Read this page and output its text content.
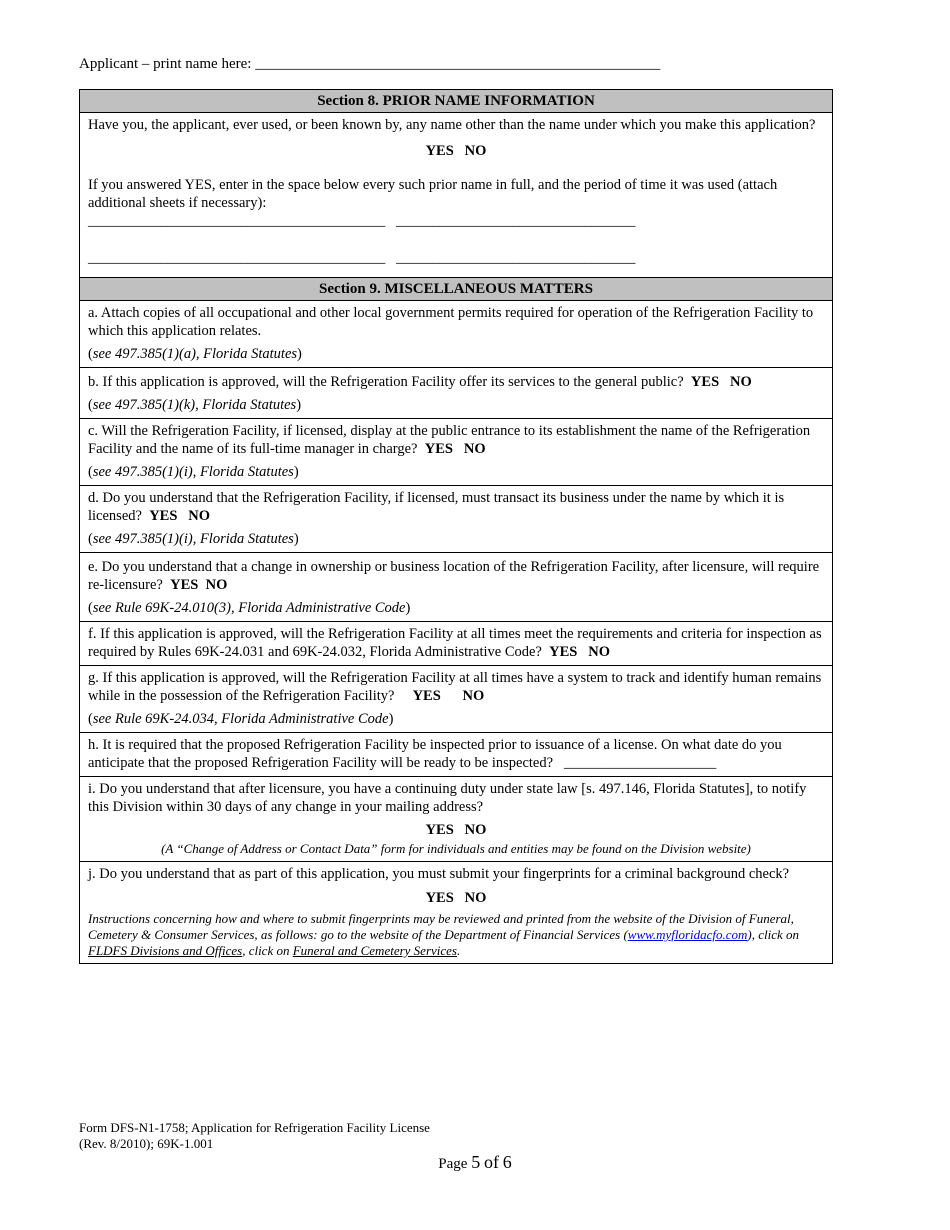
Applicant – print name here: ______________________________________________________
Section 8. PRIOR NAME INFORMATION
Have you, the applicant, ever used, or been known by, any name other than the name under which you make this application?
YES NO
If you answered YES, enter in the space below every such prior name in full, and the period of time it was used (attach additional sheets if necessary):
_________________________________________ _________________________________
_________________________________________ _________________________________
Section 9. MISCELLANEOUS MATTERS
a. Attach copies of all occupational and other local government permits required for operation of the Refrigeration Facility to which this application relates.
(see 497.385(1)(a), Florida Statutes)
b. If this application is approved, will the Refrigeration Facility offer its services to the general public? YES NO
(see 497.385(1)(k), Florida Statutes)
c. Will the Refrigeration Facility, if licensed, display at the public entrance to its establishment the name of the Refrigeration Facility and the name of its full-time manager in charge? YES NO
(see 497.385(1)(i), Florida Statutes)
d. Do you understand that the Refrigeration Facility, if licensed, must transact its business under the name by which it is licensed? YES NO
(see 497.385(1)(i), Florida Statutes)
e. Do you understand that a change in ownership or business location of the Refrigeration Facility, after licensure, will require re-licensure? YES NO
(see Rule 69K-24.010(3), Florida Administrative Code)
f. If this application is approved, will the Refrigeration Facility at all times meet the requirements and criteria for inspection as required by Rules 69K-24.031 and 69K-24.032, Florida Administrative Code? YES NO
g. If this application is approved, will the Refrigeration Facility at all times have a system to track and identify human remains while in the possession of the Refrigeration Facility? YES NO
(see Rule 69K-24.034, Florida Administrative Code)
h. It is required that the proposed Refrigeration Facility be inspected prior to issuance of a license. On what date do you anticipate that the proposed Refrigeration Facility will be ready to be inspected? _____________________
i. Do you understand that after licensure, you have a continuing duty under state law [s. 497.146, Florida Statutes], to notify this Division within 30 days of any change in your mailing address?
YES NO
(A “Change of Address or Contact Data” form for individuals and entities may be found on the Division website)
j. Do you understand that as part of this application, you must submit your fingerprints for a criminal background check?
YES NO
Instructions concerning how and where to submit fingerprints may be reviewed and printed from the website of the Division of Funeral, Cemetery & Consumer Services, as follows: go to the website of the Department of Financial Services (www.myfloridacfo.com), click on FLDFS Divisions and Offices, click on Funeral and Cemetery Services.
Form DFS-N1-1758; Application for Refrigeration Facility License
(Rev. 8/2010); 69K-1.001
Page 5 of 6
